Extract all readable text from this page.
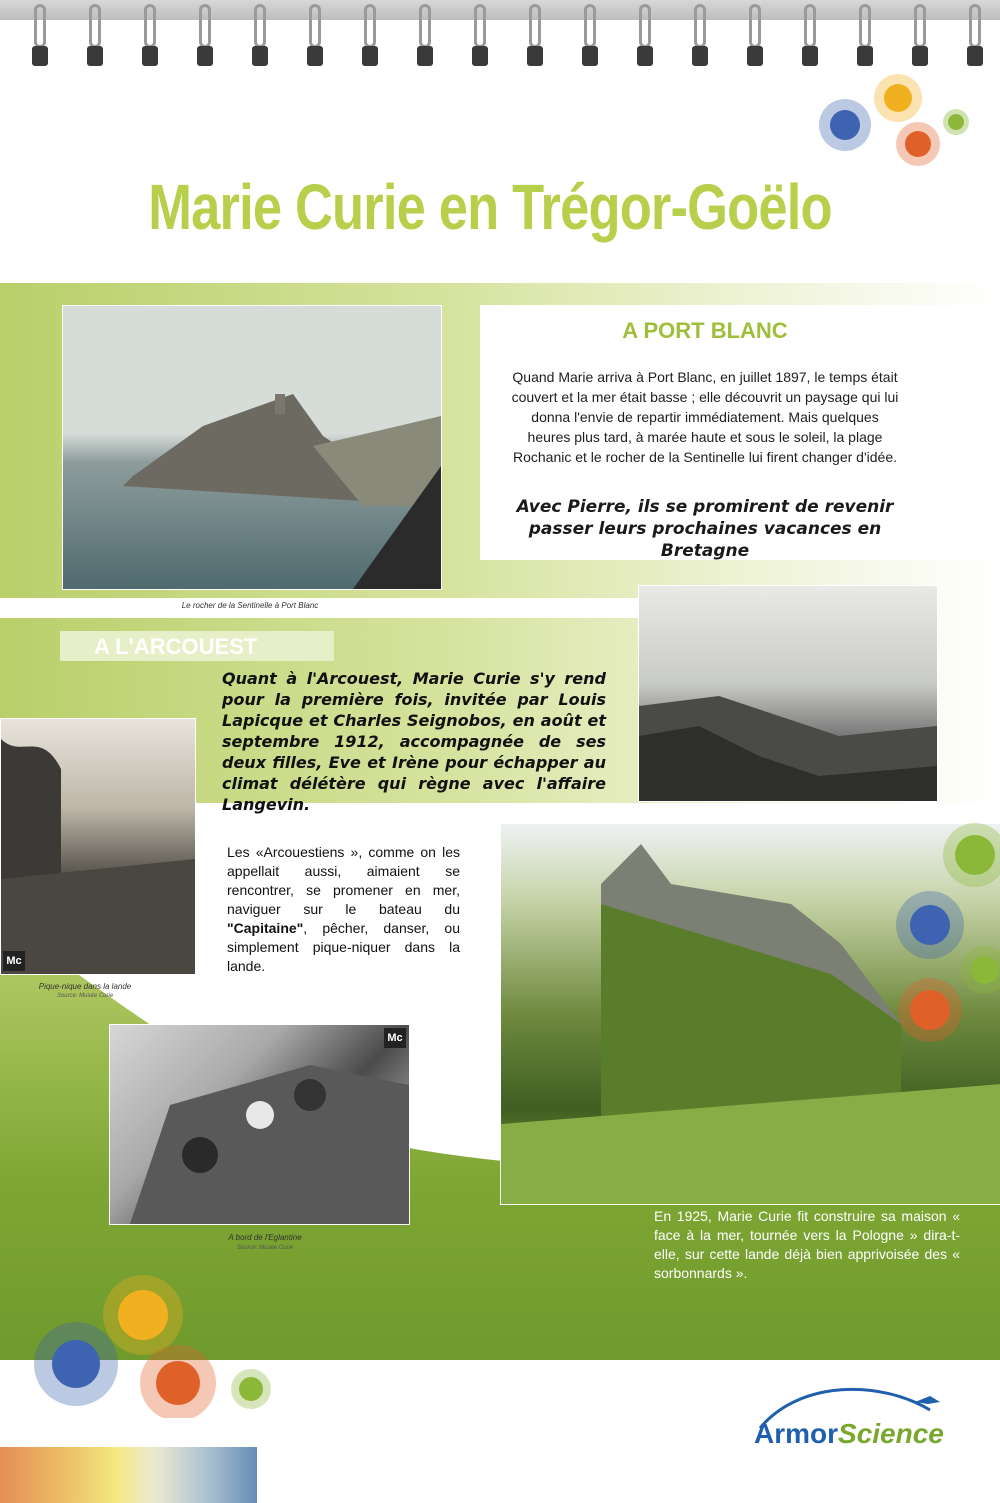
Marie Curie en Trégor-Goëlo
Le rocher de la Sentinelle à Port Blanc
A PORT BLANC
Quand Marie arriva à Port Blanc, en juillet 1897, le temps était couvert et la mer était basse ; elle découvrit un paysage qui lui donna l'envie de repartir immédiatement. Mais quelques heures plus tard, à marée haute et sous le soleil, la plage Rochanic et le rocher de la Sentinelle lui firent changer d'idée.
Avec Pierre, ils se promirent de revenir passer leurs prochaines vacances en Bretagne
A L'ARCOUEST
Quant à l'Arcouest, Marie Curie s'y rend pour la première fois, invitée par Louis Lapicque et Charles Seignobos, en août et septembre 1912, accompagnée de ses deux filles, Eve et Irène pour échapper au climat délétère qui règne avec l'affaire Langevin.
Mc
Pique-nique dans la lande
Source: Musée Curie
Les «Arcouestiens », comme on les appellait aussi, aimaient se rencontrer, se promener en mer, naviguer sur le bateau du "Capitaine", pêcher, danser, ou simplement pique-niquer dans la lande.
Mc
A bord de l'Eglantine
Source: Musée Curie
En 1925, Marie Curie fit construire sa maison « face à la mer, tournée vers la Pologne » dira-t-elle, sur cette lande déjà bien apprivoisée des « sorbonnards ».
ArmorScience
